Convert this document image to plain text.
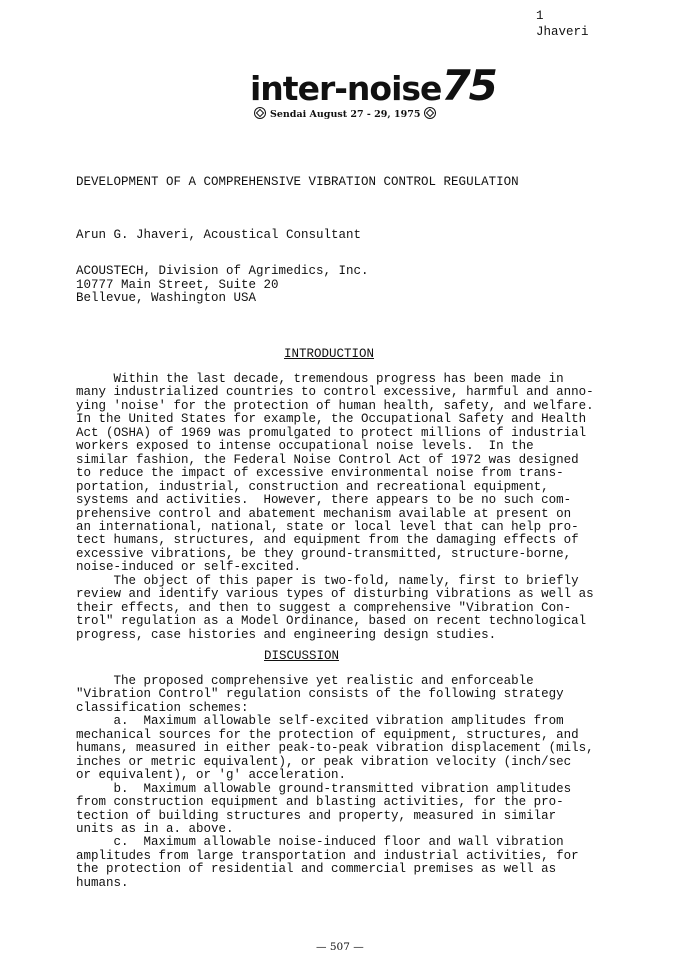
1
Jhaveri
inter-noise75
Sendai August 27 - 29, 1975
DEVELOPMENT OF A COMPREHENSIVE VIBRATION CONTROL REGULATION
Arun G. Jhaveri, Acoustical Consultant
ACOUSTECH, Division of Agrimedics, Inc.
10777 Main Street, Suite 20
Bellevue, Washington USA
INTRODUCTION
Within the last decade, tremendous progress has been made in
many industrialized countries to control excessive, harmful and anno-
ying 'noise' for the protection of human health, safety, and welfare.
In the United States for example, the Occupational Safety and Health
Act (OSHA) of 1969 was promulgated to protect millions of industrial
workers exposed to intense occupational noise levels.  In the
similar fashion, the Federal Noise Control Act of 1972 was designed
to reduce the impact of excessive environmental noise from trans-
portation, industrial, construction and recreational equipment,
systems and activities.  However, there appears to be no such com-
prehensive control and abatement mechanism available at present on
an international, national, state or local level that can help pro-
tect humans, structures, and equipment from the damaging effects of
excessive vibrations, be they ground-transmitted, structure-borne,
noise-induced or self-excited.
The object of this paper is two-fold, namely, first to briefly
review and identify various types of disturbing vibrations as well as
their effects, and then to suggest a comprehensive "Vibration Con-
trol" regulation as a Model Ordinance, based on recent technological
progress, case histories and engineering design studies.
DISCUSSION
The proposed comprehensive yet realistic and enforceable
"Vibration Control" regulation consists of the following strategy
classification schemes:
a.  Maximum allowable self-excited vibration amplitudes from
mechanical sources for the protection of equipment, structures, and
humans, measured in either peak-to-peak vibration displacement (mils,
inches or metric equivalent), or peak vibration velocity (inch/sec
or equivalent), or 'g' acceleration.
b.  Maximum allowable ground-transmitted vibration amplitudes
from construction equipment and blasting activities, for the pro-
tection of building structures and property, measured in similar
units as in a. above.
c.  Maximum allowable noise-induced floor and wall vibration
amplitudes from large transportation and industrial activities, for
the protection of residential and commercial premises as well as
humans.
— 507 —
